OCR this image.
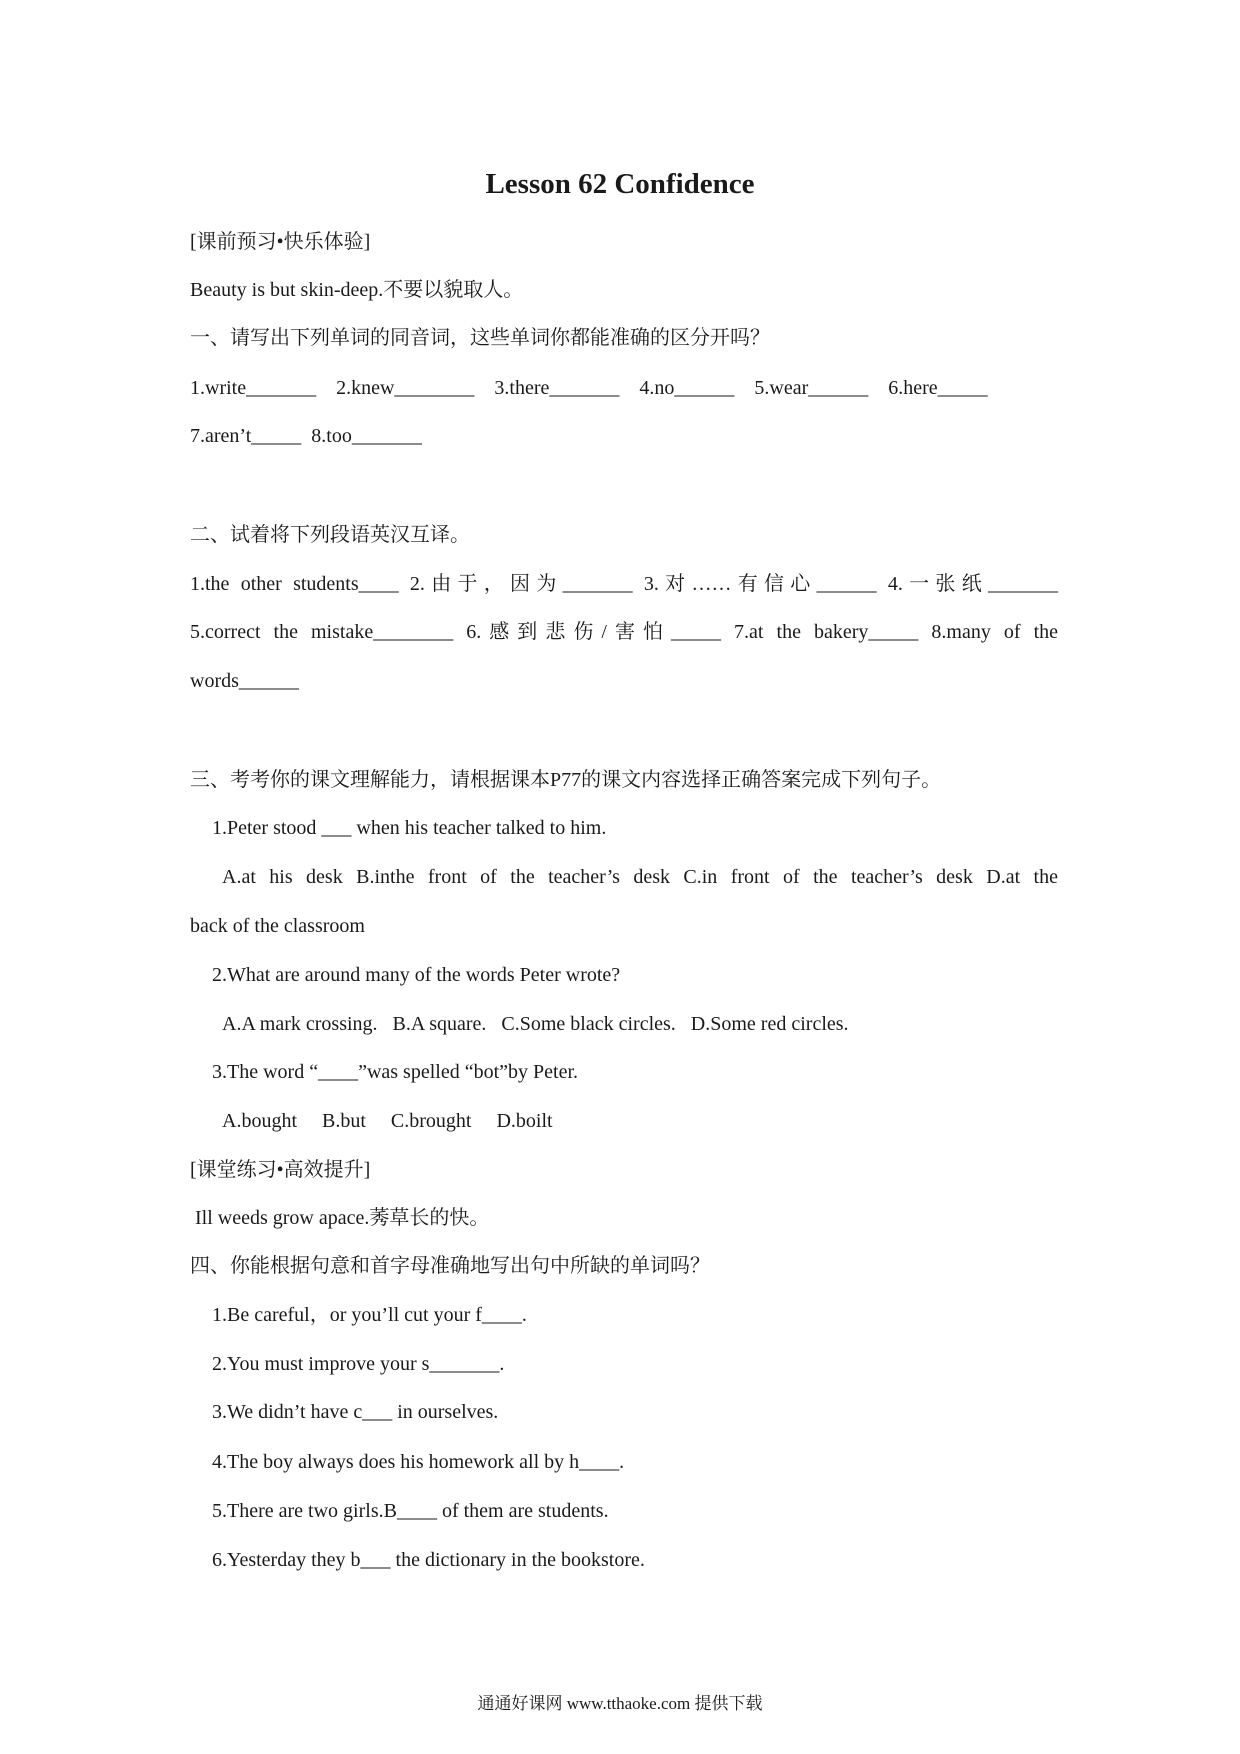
Lesson 62 Confidence
[课前预习•快乐体验]
Beauty is but skin-deep.不要以貌取人。
一、请写出下列单词的同音词，这些单词你都能准确的区分开吗？
1.write_______    2.knew________    3.there_______    4.no______    5.wear______    6.here_____
7.aren’t_____  8.too_______
二、试着将下列段语英汉互译。
1.the other students____ 2.由于，因为_______ 3.对……有信心______ 4.一张纸_______
5.correct the mistake________ 6.感到悲伤/害怕_____ 7.at the bakery_____ 8.many of the
words______
三、考考你的课文理解能力，请根据课本P77的课文内容选择正确答案完成下列句子。
1.Peter stood ___ when his teacher talked to him.
A.at his desk B.inthe front of the teacher’s desk C.in front of the teacher’s desk D.at the
back of the classroom
2.What are around many of the words Peter wrote?
A.A mark crossing.   B.A square.   C.Some black circles.   D.Some red circles.
3.The word “____”was spelled “bot”by Peter.
A.bought     B.but     C.brought     D.boilt
[课堂练习•高效提升]
Ill weeds grow apace.莠草长的快。
四、你能根据句意和首字母准确地写出句中所缺的单词吗？
1.Be careful，or you’ll cut your f____.
2.You must improve your s_______.
3.We didn’t have c___ in ourselves.
4.The boy always does his homework all by h____.
5.There are two girls.B____ of them are students.
6.Yesterday they b___ the dictionary in the bookstore.
通通好课网 www.tthaoke.com 提供下载
